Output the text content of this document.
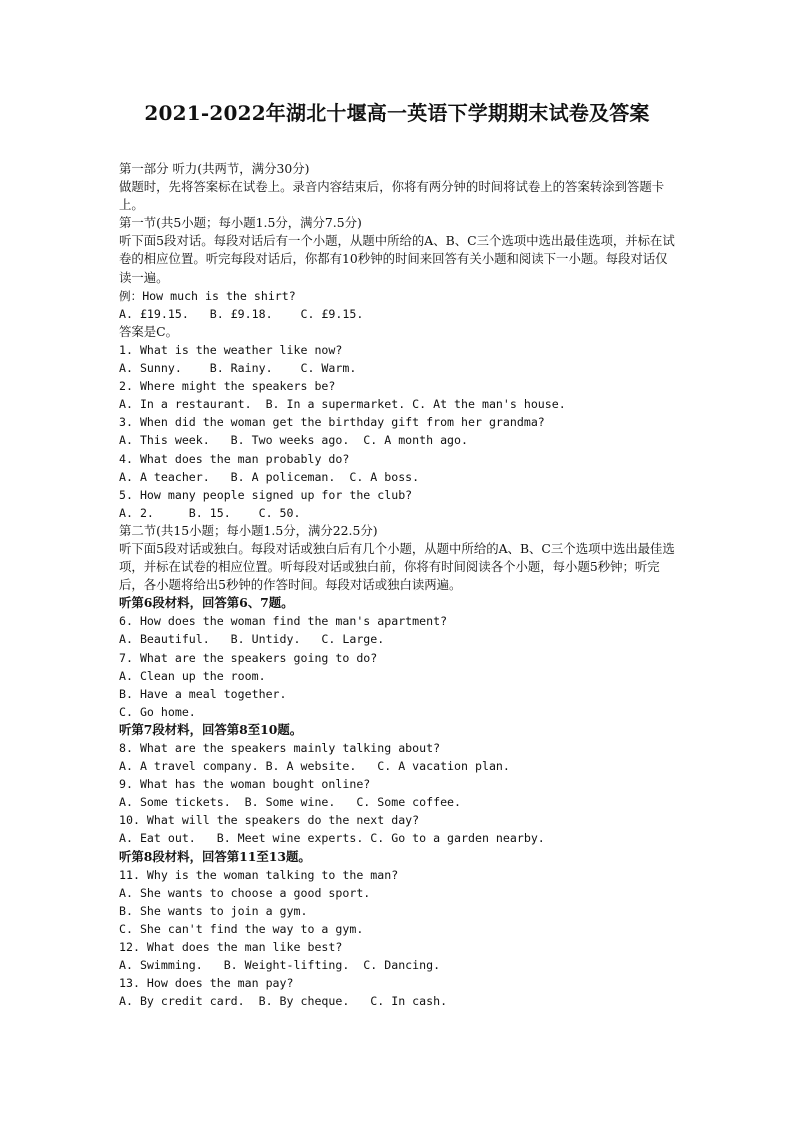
2021-2022年湖北十堰高一英语下学期期末试卷及答案
第一部分 听力(共两节，满分30分)
做题时，先将答案标在试卷上。录音内容结束后，你将有两分钟的时间将试卷上的答案转涂到答题卡上。
第一节(共5小题；每小题1.5分，满分7.5分)
听下面5段对话。每段对话后有一个小题，从题中所给的A、B、C三个选项中选出最佳选项，并标在试卷的相应位置。听完每段对话后，你都有10秒钟的时间来回答有关小题和阅读下一小题。每段对话仅读一遍。
例：How much is the shirt?
A. £19.15.   B. £9.18.    C. £9.15.
答案是C。
1. What is the weather like now?
A. Sunny.    B. Rainy.    C. Warm.
2. Where might the speakers be?
A. In a restaurant.  B. In a supermarket. C. At the man's house.
3. When did the woman get the birthday gift from her grandma?
A. This week.   B. Two weeks ago.  C. A month ago.
4. What does the man probably do?
A. A teacher.   B. A policeman.  C. A boss.
5. How many people signed up for the club?
A. 2.     B. 15.    C. 50.
第二节(共15小题；每小题1.5分，满分22.5分)
听下面5段对话或独白。每段对话或独白后有几个小题，从题中所给的A、B、C三个选项中选出最佳选项，并标在试卷的相应位置。听每段对话或独白前，你将有时间阅读各个小题，每小题5秒钟；听完后，各小题将给出5秒钟的作答时间。每段对话或独白读两遍。
听第6段材料，回答第6、7题。
6. How does the woman find the man's apartment?
A. Beautiful.   B. Untidy.   C. Large.
7. What are the speakers going to do?
A. Clean up the room.
B. Have a meal together.
C. Go home.
听第7段材料，回答第8至10题。
8. What are the speakers mainly talking about?
A. A travel company. B. A website.   C. A vacation plan.
9. What has the woman bought online?
A. Some tickets.  B. Some wine.   C. Some coffee.
10. What will the speakers do the next day?
A. Eat out.   B. Meet wine experts. C. Go to a garden nearby.
听第8段材料，回答第11至13题。
11. Why is the woman talking to the man?
A. She wants to choose a good sport.
B. She wants to join a gym.
C. She can't find the way to a gym.
12. What does the man like best?
A. Swimming.   B. Weight-lifting.  C. Dancing.
13. How does the man pay?
A. By credit card.  B. By cheque.   C. In cash.
